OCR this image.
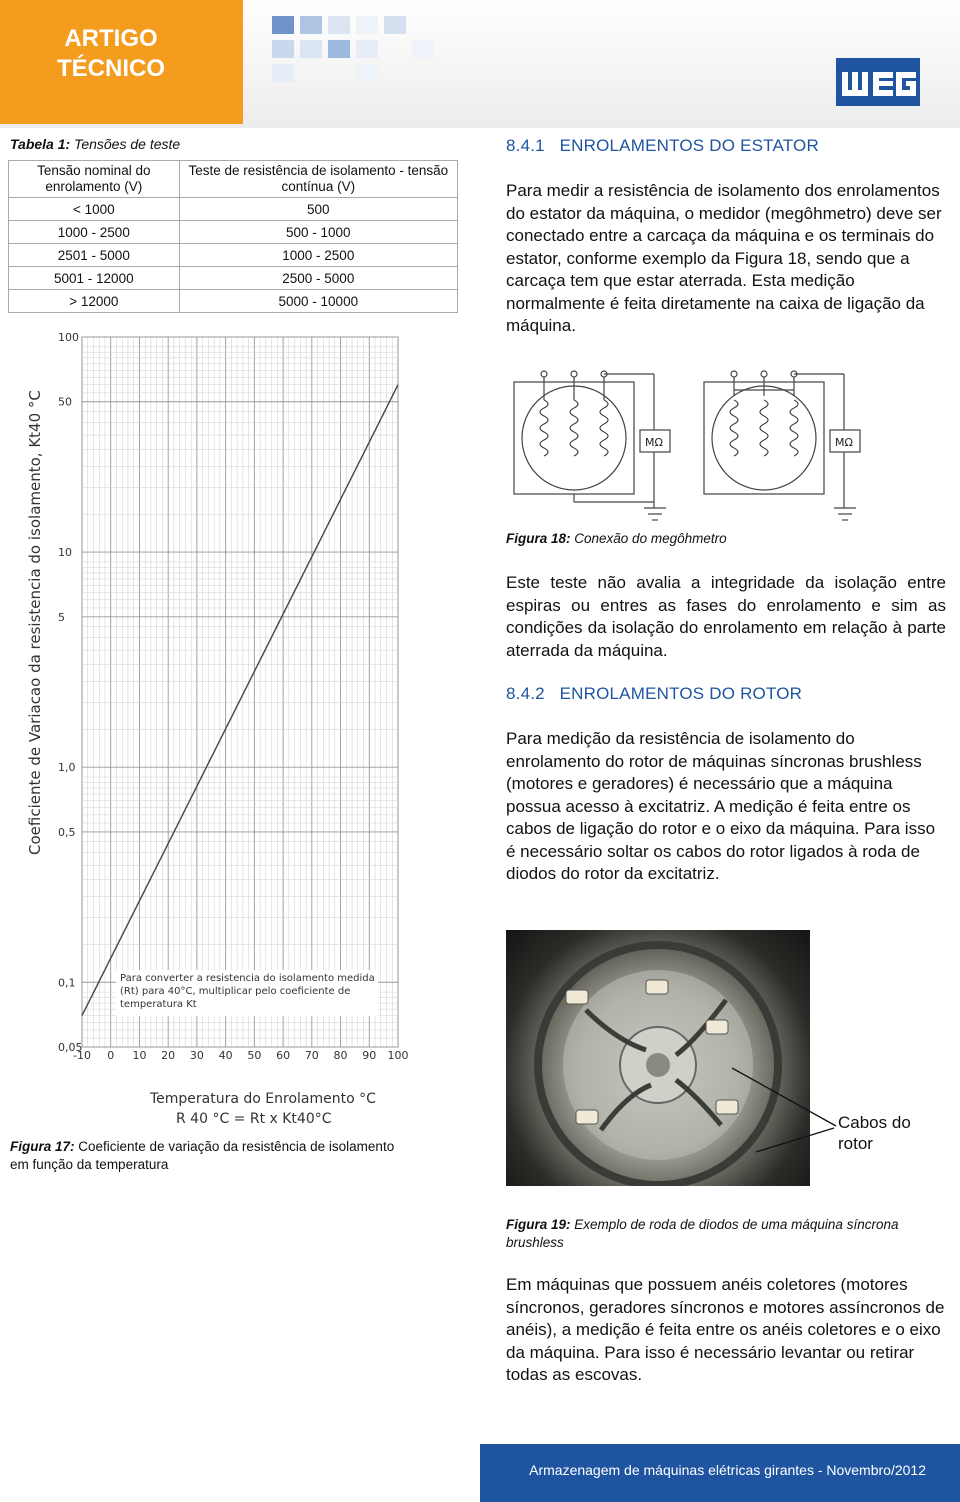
ARTIGO
TÉCNICO
Tabela 1: Tensões de teste
Tensão nominal do enrolamento (V)	Teste de resistência de isolamento - tensão contínua (V)
< 1000	500
1000 - 2500	500 - 1000
2501 - 5000	1000 - 2500
5001 - 12000	2500 - 5000
> 12000	5000 - 10000
100
50
10
5
1,0
0,5
0,1
0,05
-10 0 10 20 30 40 50 60 70 80 90 100
Coeficiente de Variacao da resistencia do isolamento, Kt40 °C
Para converter a resistencia do isolamento medida (Rt) para 40°C, multiplicar pelo coeficiente de temperatura Kt
Temperatura do Enrolamento °C
R 40 °C = Rt x Kt40°C
Figura 17: Coeficiente de variação da resistência de isolamento em função da temperatura
8.4.1 ENROLAMENTOS DO ESTATOR
Para medir a resistência de isolamento dos enrolamentos do estator da máquina, o medidor (megôhmetro) deve ser conectado entre a carcaça da máquina e os terminais do estator, conforme exemplo da Figura 18, sendo que a carcaça tem que estar aterrada. Esta medição normalmente é feita diretamente na caixa de ligação da máquina.
MΩ	MΩ
Figura 18: Conexão do megôhmetro
Este teste não avalia a integridade da isolação entre espiras ou entres as fases do enrolamento e sim as condições da isolação do enrolamento em relação à parte aterrada da máquina.
8.4.2 ENROLAMENTOS DO ROTOR
Para medição da resistência de isolamento do enrolamento do rotor de máquinas síncronas brushless (motores e geradores) é necessário que a máquina possua acesso à excitatriz. A medição é feita entre os cabos de ligação do rotor e o eixo da máquina. Para isso é necessário soltar os cabos do rotor ligados à roda de diodos do rotor da excitatriz.
Cabos do rotor
Figura 19: Exemplo de roda de diodos de uma máquina síncrona brushless
Em máquinas que possuem anéis coletores (motores síncronos, geradores síncronos e motores assíncronos de anéis), a medição é feita entre os anéis coletores e o eixo da máquina. Para isso é necessário levantar ou retirar todas as escovas.
Armazenagem de máquinas elétricas girantes - Novembro/2012
